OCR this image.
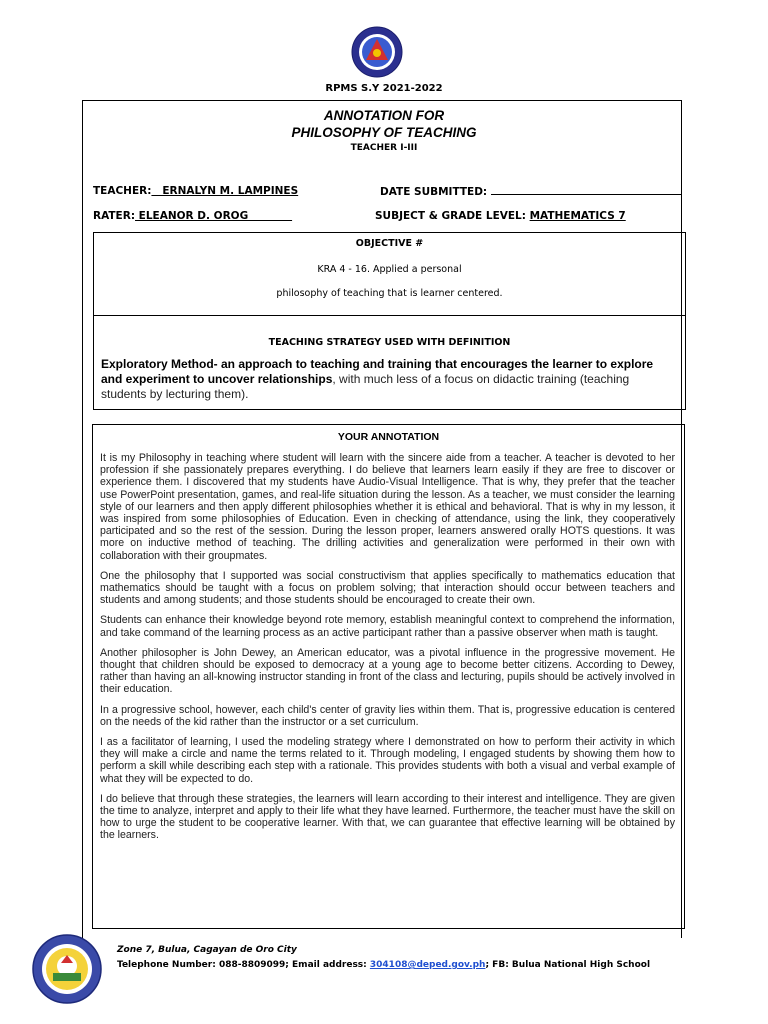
RPMS S.Y 2021-2022
ANNOTATION FOR
PHILOSOPHY OF TEACHING
TEACHER I-III
TEACHER:   ERNALYN M. LAMPINES	DATE SUBMITTED:
RATER: ELEANOR D. OROG	SUBJECT & GRADE LEVEL: MATHEMATICS 7
OBJECTIVE #
KRA 4 - 16. Applied a personal
philosophy of teaching that is learner centered.
TEACHING STRATEGY USED WITH DEFINITION
Exploratory Method- an approach to teaching and training that encourages the learner to explore and experiment to uncover relationships, with much less of a focus on didactic training (teaching students by lecturing them).
YOUR ANNOTATION

It is my Philosophy in teaching where student will learn with the sincere aide from a teacher. A teacher is devoted to her profession if she passionately prepares everything. I do believe that learners learn easily if they are free to discover or experience them. I discovered that my students have Audio-Visual Intelligence. That is why, they prefer that the teacher use PowerPoint presentation, games, and real-life situation during the lesson. As a teacher, we must consider the learning style of our learners and then apply different philosophies whether it is ethical and behavioral. That is why in my lesson, it was inspired from some philosophies of Education. Even in checking of attendance, using the link, they cooperatively participated and so the rest of the session. During the lesson proper, learners answered orally HOTS questions. It was more on inductive method of teaching. The drilling activities and generalization were performed in their own with collaboration with their groupmates.

One the philosophy that I supported was social constructivism that applies specifically to mathematics education that mathematics should be taught with a focus on problem solving; that interaction should occur between teachers and students and among students; and those students should be encouraged to create their own.

Students can enhance their knowledge beyond rote memory, establish meaningful context to comprehend the information, and take command of the learning process as an active participant rather than a passive observer when math is taught.

Another philosopher is John Dewey, an American educator, was a pivotal influence in the progressive movement. He thought that children should be exposed to democracy at a young age to become better citizens. According to Dewey, rather than having an all-knowing instructor standing in front of the class and lecturing, pupils should be actively involved in their education.

In a progressive school, however, each child's center of gravity lies within them. That is, progressive education is centered on the needs of the kid rather than the instructor or a set curriculum.

I as a facilitator of learning, I used the modeling strategy where I demonstrated on how to perform their activity in which they will make a circle and name the terms related to it. Through modeling, I engaged students by showing them how to perform a skill while describing each step with a rationale. This provides students with both a visual and verbal example of what they will be expected to do.

I do believe that through these strategies, the learners will learn according to their interest and intelligence. They are given the time to analyze, interpret and apply to their life what they have learned. Furthermore, the teacher must have the skill on how to urge the student to be cooperative learner. With that, we can guarantee that effective learning will be obtained by the learners.

Zone 7, Bulua, Cagayan de Oro City
Telephone Number: 088-8809099; Email address: 304108@deped.gov.ph; FB: Bulua National High School
